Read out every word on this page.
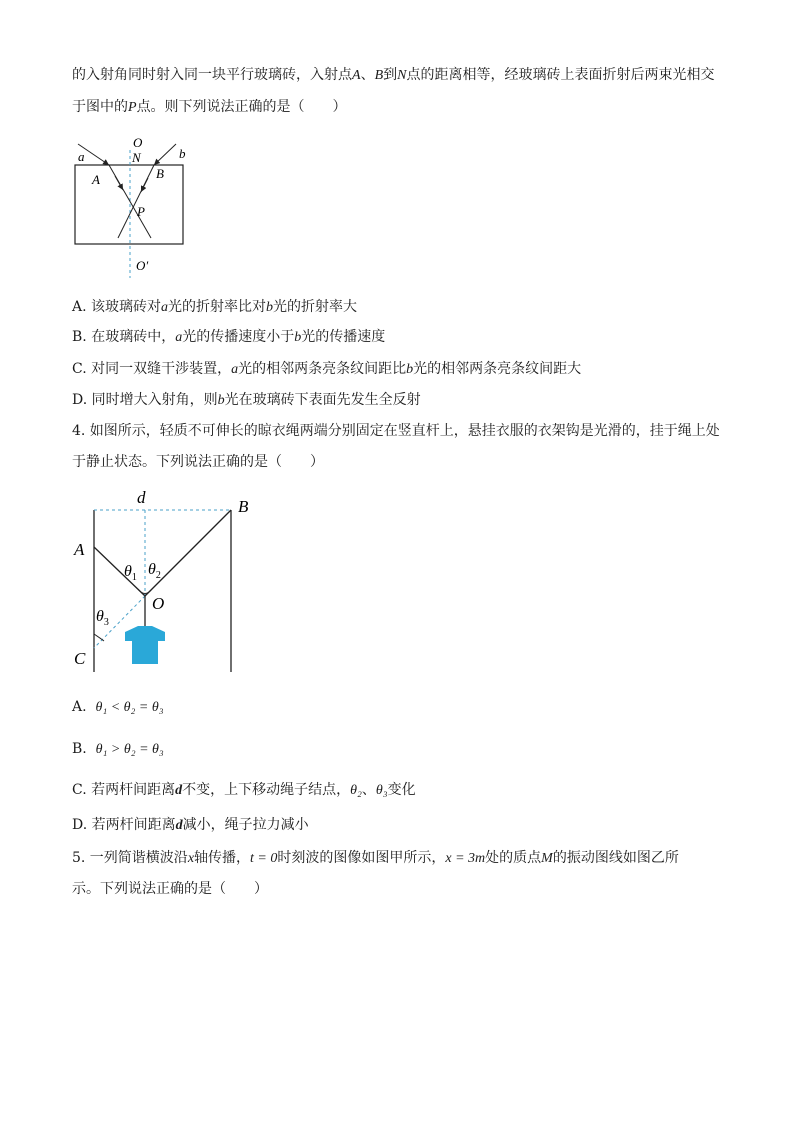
的入射角同时射入同一块平行玻璃砖，入射点A、B到N点的距离相等，经玻璃砖上表面折射后两束光相交
于图中的P点。则下列说法正确的是（　　）
O
N
a	b
A	B
P
O′
A. 该玻璃砖对a光的折射率比对b光的折射率大
B. 在玻璃砖中，a光的传播速度小于b光的传播速度
C. 对同一双缝干涉装置，a光的相邻两条亮条纹间距比b光的相邻两条亮条纹间距大
D. 同时增大入射角，则b光在玻璃砖下表面先发生全反射
4. 如图所示，轻质不可伸长的晾衣绳两端分别固定在竖直杆上，悬挂衣服的衣架钩是光滑的，挂于绳上处
于静止状态。下列说法正确的是（　　）
d	B
A
C
O
$\theta_1$ $\theta_2$
$\theta_3$
A. θ₁ < θ₂ = θ₃
B. θ₁ > θ₂ = θ₃
C. 若两杆间距离d不变，上下移动绳子结点，θ₂、θ₃变化
D. 若两杆间距离d减小，绳子拉力减小
5. 一列简谐横波沿x轴传播，t = 0时刻波的图像如图甲所示，x = 3m处的质点M的振动图线如图乙所
示。下列说法正确的是（　　）
